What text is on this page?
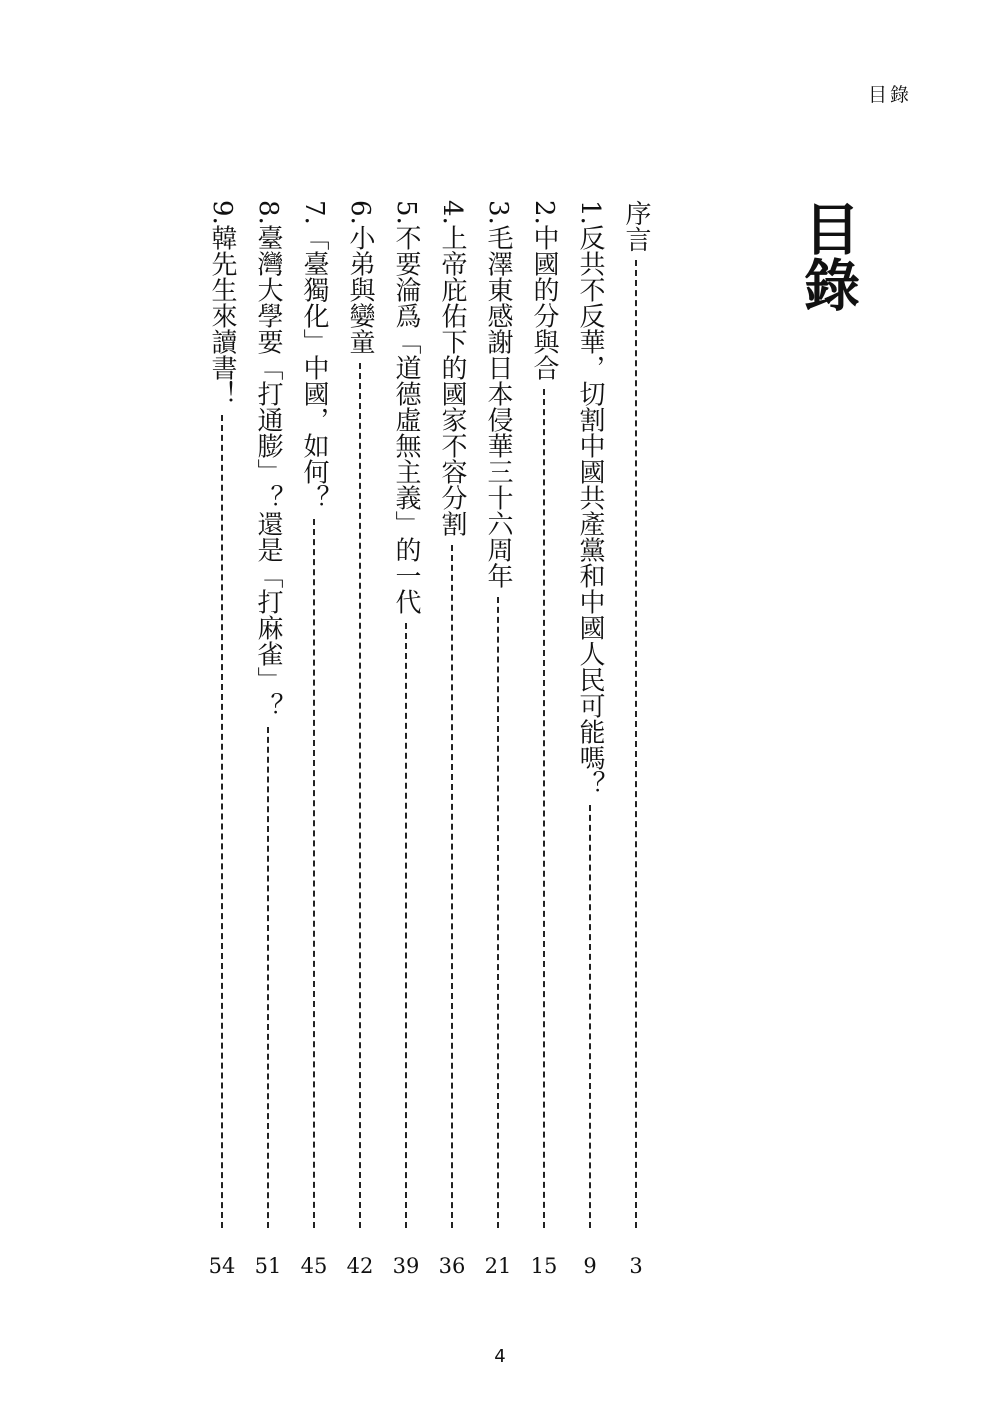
目錄
目錄
序言
3
1.反共不反華，切割中國共產黨和中國人民可能嗎？
9
2.中國的分與合
15
3.毛澤東感謝日本侵華三十六周年
21
4.上帝庇佑下的國家不容分割
36
5.不要淪爲「道德虛無主義」的一代
39
6.小弟與孌童
42
7.「臺獨化」中國，如何？
45
8.臺灣大學要「打通膨」？還是「打麻雀」？
51
9.韓先生來讀書！
54
4
